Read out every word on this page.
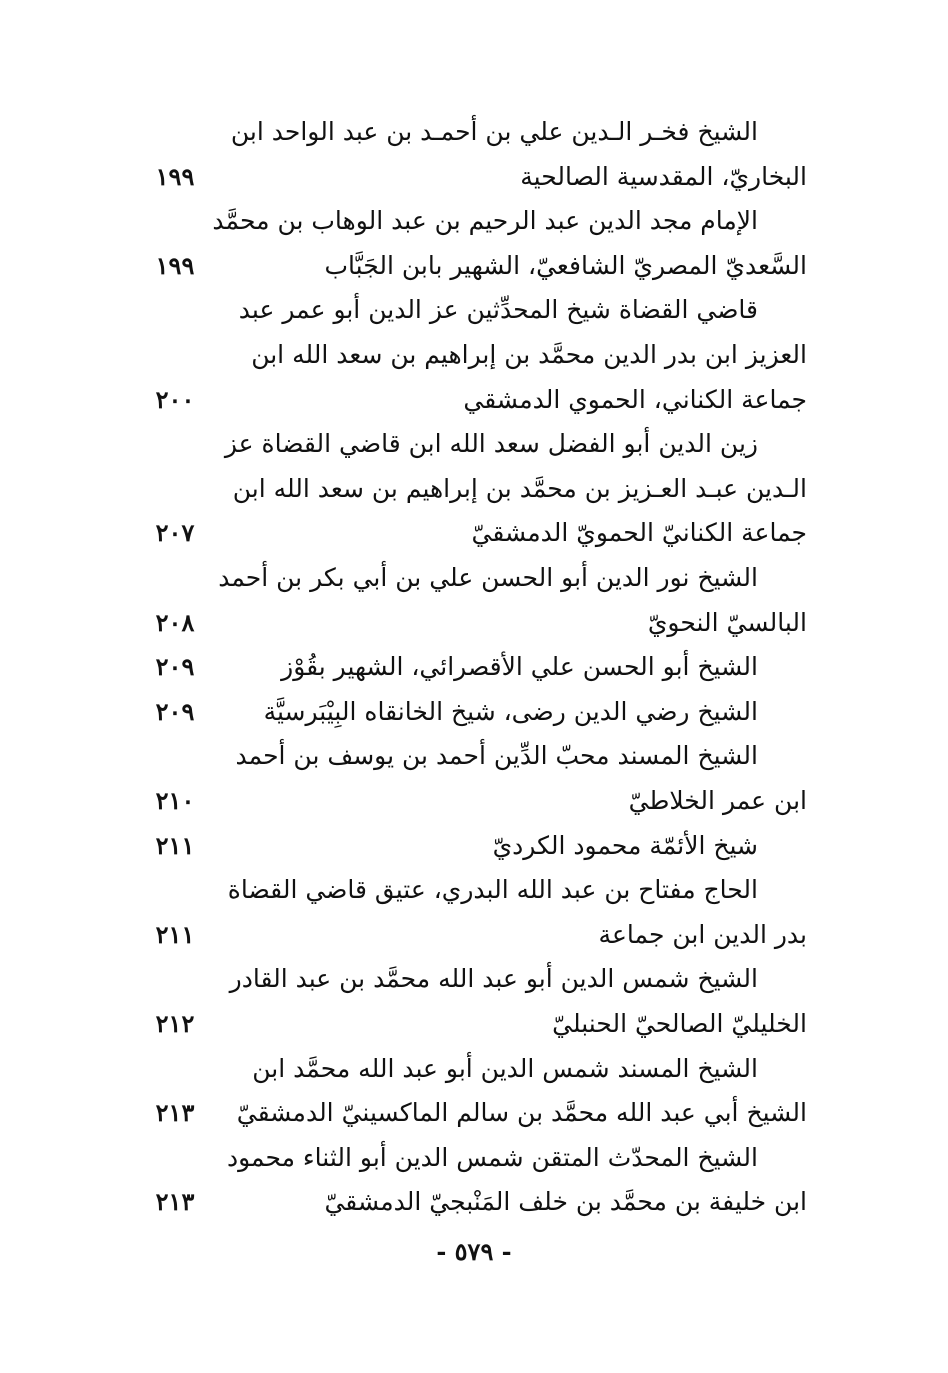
الشيخ فخـر الـدين علي بن أحمـد بن عبد الواحد ابن
البخاريّ، المقدسية الصالحية
١٩٩
الإمام مجد الدين عبد الرحيم بن عبد الوهاب بن محمَّد
السَّعديّ المصريّ الشافعيّ، الشهير بابن الجَبَّاب
١٩٩
قاضي القضاة شيخ المحدِّثين عز الدين أبو عمر عبد
العزيز ابن بدر الدين محمَّد بن إبراهيم بن سعد الله ابن
جماعة الكناني، الحموي الدمشقي
٢٠٠
زين الدين أبو الفضل سعد الله ابن قاضي القضاة عز
الـدين عبـد العـزيز بن محمَّد بن إبراهيم بن سعد الله ابن
جماعة الكنانيّ الحمويّ الدمشقيّ
٢٠٧
الشيخ نور الدين أبو الحسن علي بن أبي بكر بن أحمد
البالسيّ النحويّ
٢٠٨
الشيخ أبو الحسن علي الأقصرائي، الشهير بقُوْز
٢٠٩
الشيخ رضي الدين رضى، شيخ الخانقاه البِيْبَرسيَّة
٢٠٩
الشيخ المسند محبّ الدِّين أحمد بن يوسف بن أحمد
ابن عمر الخلاطيّ
٢١٠
شيخ الأئمّة محمود الكرديّ
٢١١
الحاج مفتاح بن عبد الله البدري، عتيق قاضي القضاة
بدر الدين ابن جماعة
٢١١
الشيخ شمس الدين أبو عبد الله محمَّد بن عبد القادر
الخليليّ الصالحيّ الحنبليّ
٢١٢
الشيخ المسند شمس الدين أبو عبد الله محمَّد ابن
الشيخ أبي عبد الله محمَّد بن سالم الماكسينيّ الدمشقيّ
٢١٣
الشيخ المحدّث المتقن شمس الدين أبو الثناء محمود
ابن خليفة بن محمَّد بن خلف المَنْبجيّ الدمشقيّ
٢١٣
- ٥٧٩ -
